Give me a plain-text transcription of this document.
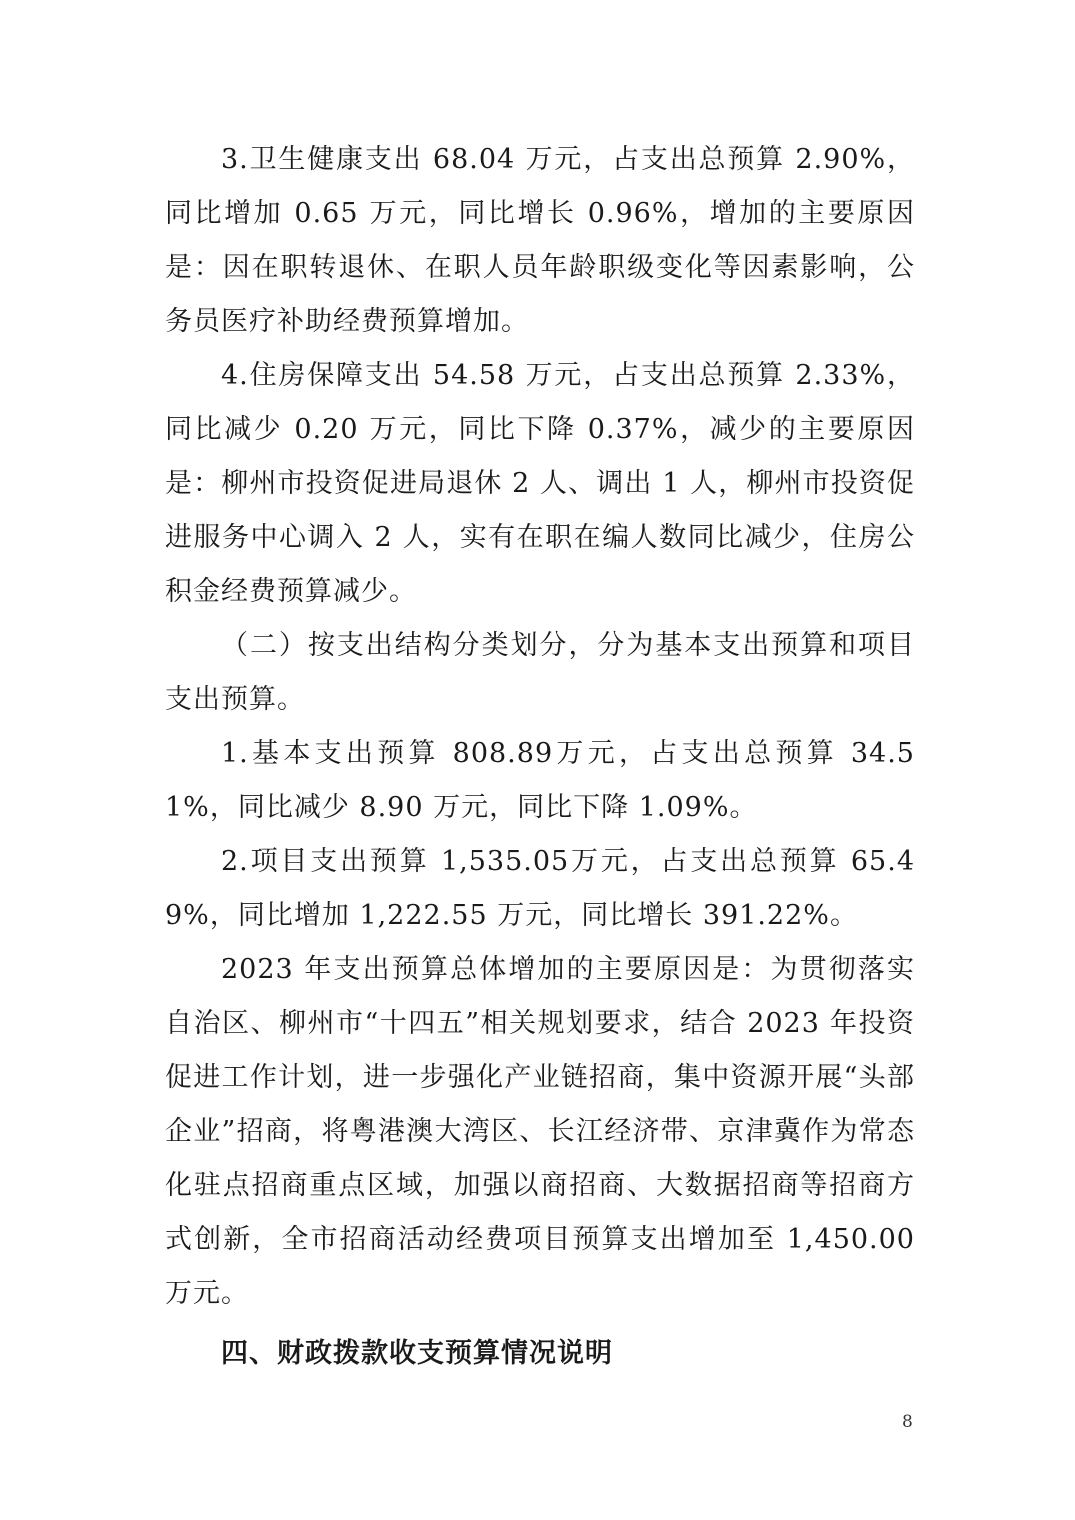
3.卫生健康支出 68.04 万元，占支出总预算 2.90%，同比增加 0.65 万元，同比增长 0.96%，增加的主要原因是：因在职转退休、在职人员年龄职级变化等因素影响，公务员医疗补助经费预算增加。

4.住房保障支出 54.58 万元，占支出总预算 2.33%，同比减少 0.20 万元，同比下降 0.37%，减少的主要原因是：柳州市投资促进局退休 2 人、调出 1 人，柳州市投资促进服务中心调入 2 人，实有在职在编人数同比减少，住房公积金经费预算减少。

（二）按支出结构分类划分，分为基本支出预算和项目支出预算。

1.基本支出预算 808.89万元，占支出总预算 34.51%，同比减少 8.90 万元，同比下降 1.09%。

2.项目支出预算 1,535.05万元，占支出总预算 65.49%，同比增加 1,222.55 万元，同比增长 391.22%。

2023 年支出预算总体增加的主要原因是：为贯彻落实自治区、柳州市“十四五”相关规划要求，结合 2023 年投资促进工作计划，进一步强化产业链招商，集中资源开展“头部企业”招商，将粤港澳大湾区、长江经济带、京津冀作为常态化驻点招商重点区域，加强以商招商、大数据招商等招商方式创新，全市招商活动经费项目预算支出增加至 1,450.00 万元。

四、财政拨款收支预算情况说明

8
